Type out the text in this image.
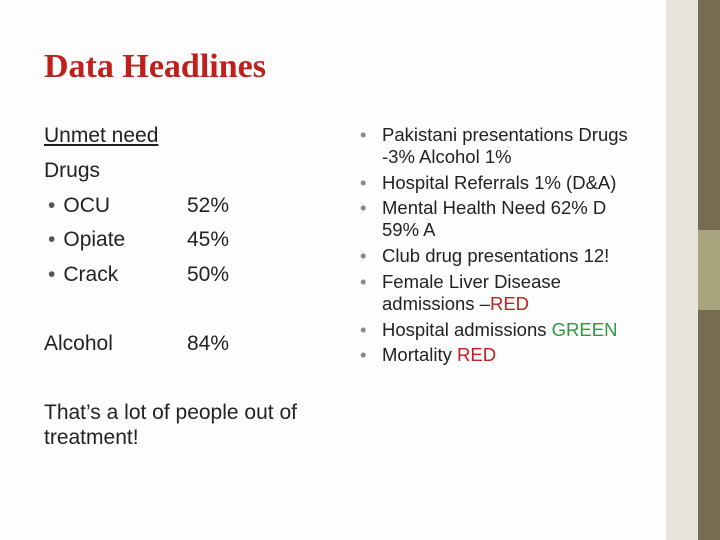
Data Headlines
Unmet need
Drugs
• OCU	52%
• Opiate	45%
• Crack	50%
Alcohol	84%
That’s a lot of people out of treatment!
• Pakistani presentations Drugs -3% Alcohol 1%
• Hospital Referrals 1% (D&A)
• Mental Health Need 62% D 59% A
• Club drug presentations 12!
• Female Liver Disease admissions –RED
• Hospital admissions GREEN
• Mortality RED
